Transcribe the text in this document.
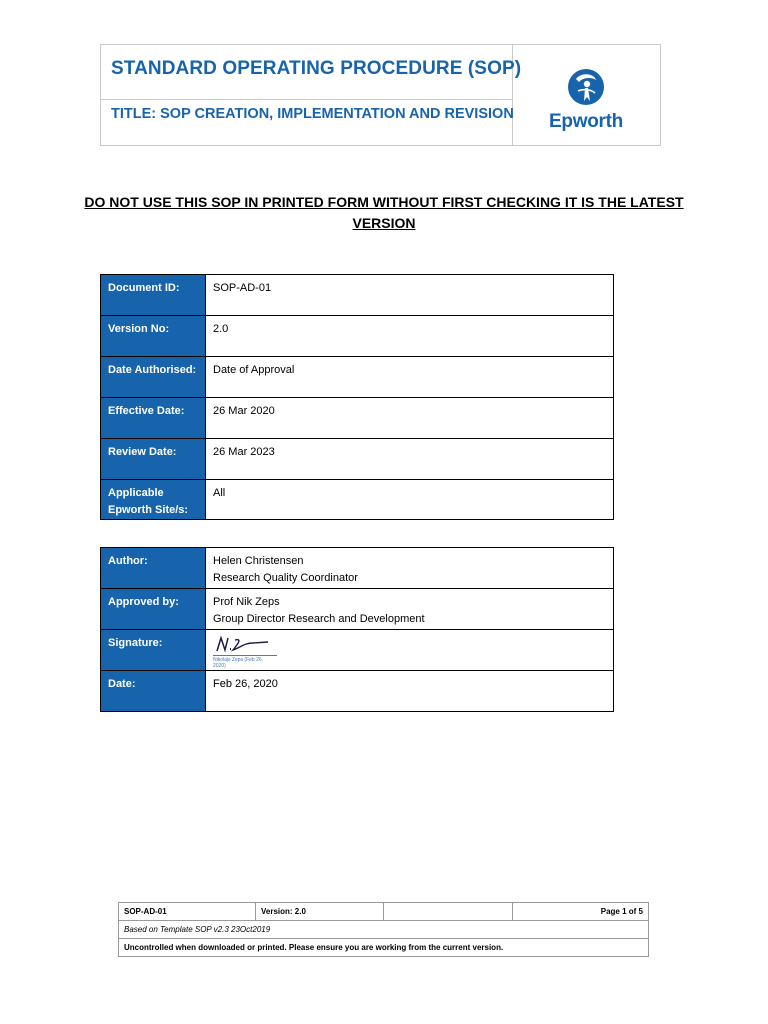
STANDARD OPERATING PROCEDURE (SOP)
TITLE: SOP CREATION, IMPLEMENTATION AND REVISION	Epworth
DO NOT USE THIS SOP IN PRINTED FORM WITHOUT FIRST CHECKING IT IS THE LATEST VERSION
Document ID:	SOP-AD-01
Version No:	2.0
Date Authorised:	Date of Approval
Effective Date:	26 Mar 2020
Review Date:	26 Mar 2023
Applicable Epworth Site/s:	All
Author:	Helen Christensen
Research Quality Coordinator

Approved by:	Prof Nik Zeps
Group Director Research and Development

Signature:	Nikolajs Zeps (Feb 26, 2020)

Date:	Feb 26, 2020
SOP-AD-01	Version: 2.0		Page 1 of 5
Based on Template SOP v2.3 23Oct2019
Uncontrolled when downloaded or printed. Please ensure you are working from the current version.
